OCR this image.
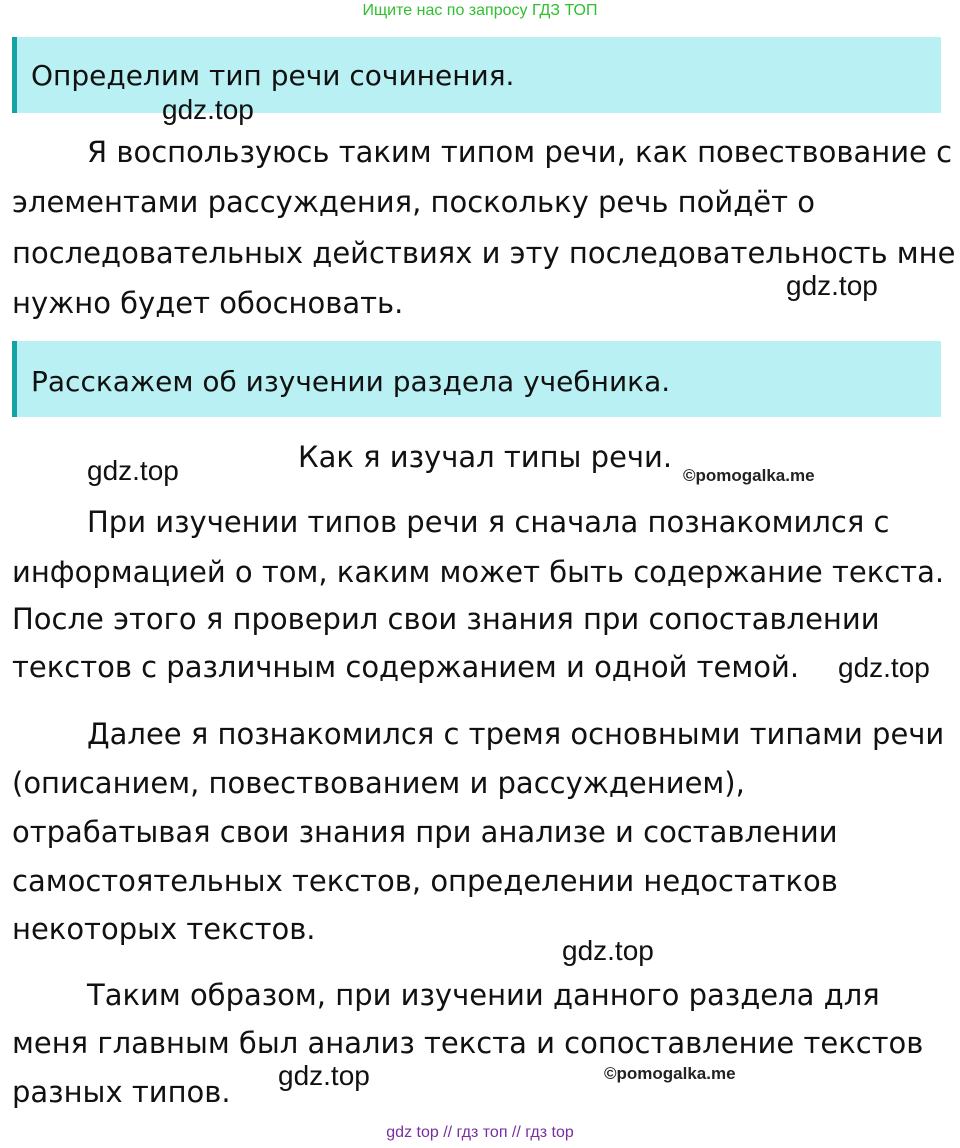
Ищите нас по запросу ГДЗ ТОП
Определим тип речи сочинения.
gdz.top
Я воспользуюсь таким типом речи, как повествование с
элементами рассуждения, поскольку речь пойдёт о
последовательных действиях и эту последовательность мне
нужно будет обосновать.
gdz.top
Расскажем об изучении раздела учебника.
gdz.top	Как я изучал типы речи.
©pomogalka.me
При изучении типов речи я сначала познакомился с
информацией о том, каким может быть содержание текста.
После этого я проверил свои знания при сопоставлении
текстов с различным содержанием и одной темой. gdz.top
Далее я познакомился с тремя основными типами речи
(описанием, повествованием и рассуждением),
отрабатывая свои знания при анализе и составлении
самостоятельных текстов, определении недостатков
некоторых текстов.
gdz.top
Таким образом, при изучении данного раздела для
меня главным был анализ текста и сопоставление текстов
разных типов. gdz.top	©pomogalka.me
gdz top // гдз топ // гдз top
